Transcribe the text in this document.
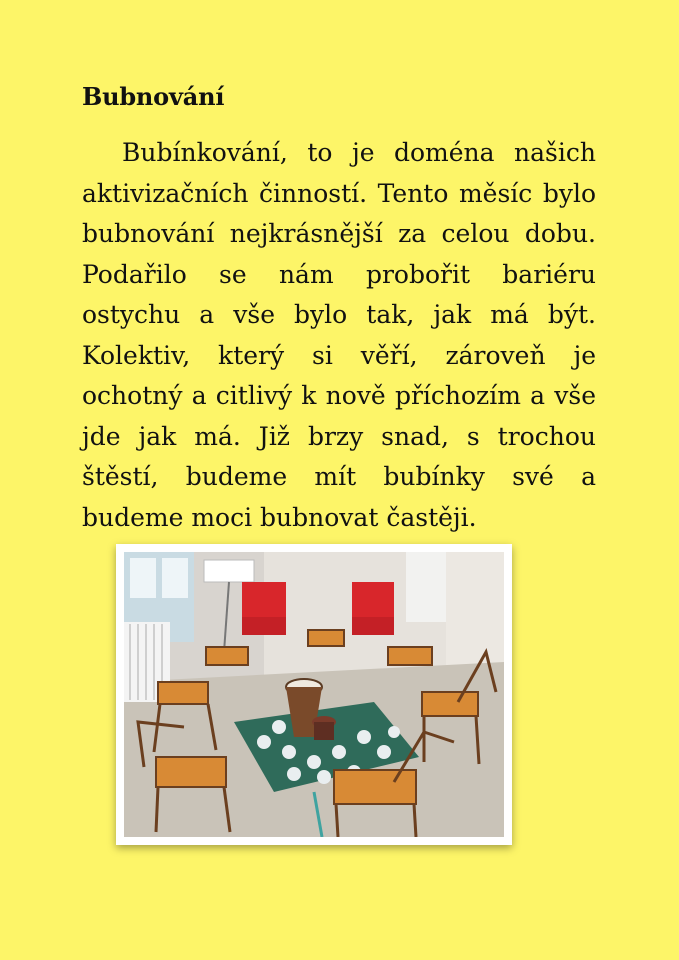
Bubnování

Bubínkování, to je doména našich aktivizačních činností. Tento měsíc bylo bubnování nejkrásnější za celou dobu. Podařilo se nám probořit bariéru ostychu a vše bylo tak, jak má být. Kolektiv, který si věří, zároveň je ochotný a citlivý k nově příchozím a vše jde jak má. Již brzy snad, s trochou štěstí, budeme mít bubínky své a budeme moci bubnovat častěji.
